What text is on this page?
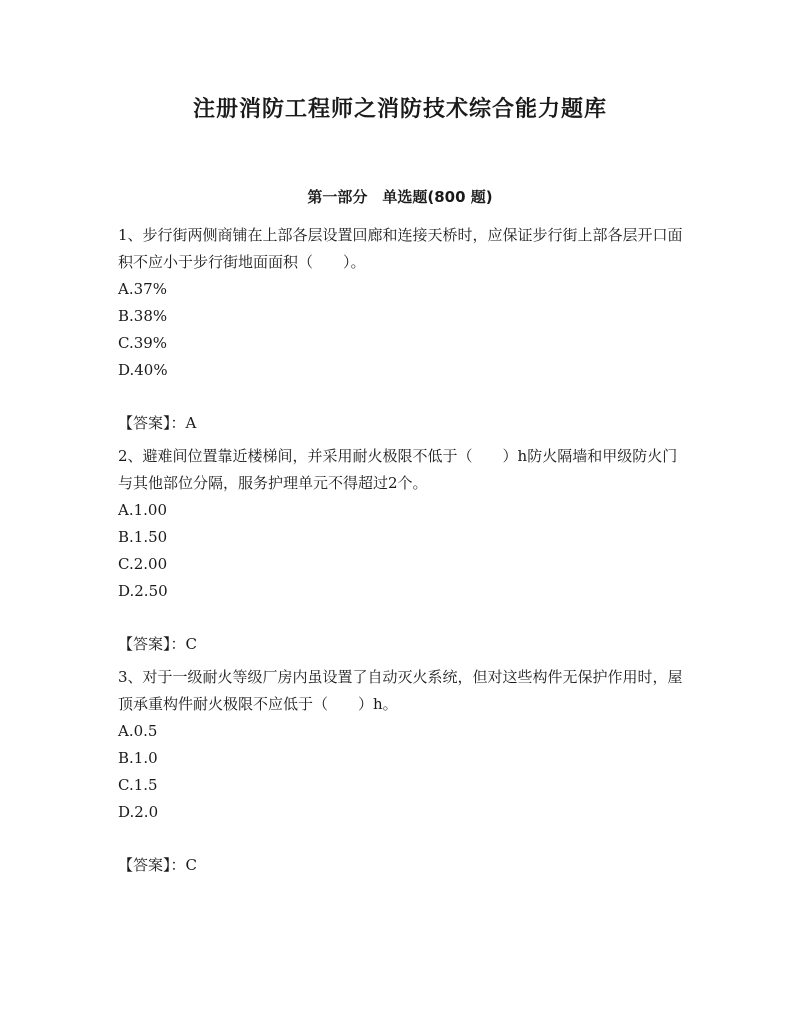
注册消防工程师之消防技术综合能力题库
第一部分　单选题(800 题)

1、步行街两侧商铺在上部各层设置回廊和连接天桥时，应保证步行街上部各层开口面积不应小于步行街地面面积（　　）。

A.37%

B.38%

C.39%

D.40%

【答案】：A

2、避难间位置靠近楼梯间，并采用耐火极限不低于（　　）h防火隔墙和甲级防火门与其他部位分隔，服务护理单元不得超过2个。

A.1.00

B.1.50

C.2.00

D.2.50

【答案】：C

3、对于一级耐火等级厂房内虽设置了自动灭火系统，但对这些构件无保护作用时，屋顶承重构件耐火极限不应低于（　　）h。

A.0.5

B.1.0

C.1.5

D.2.0

【答案】：C
